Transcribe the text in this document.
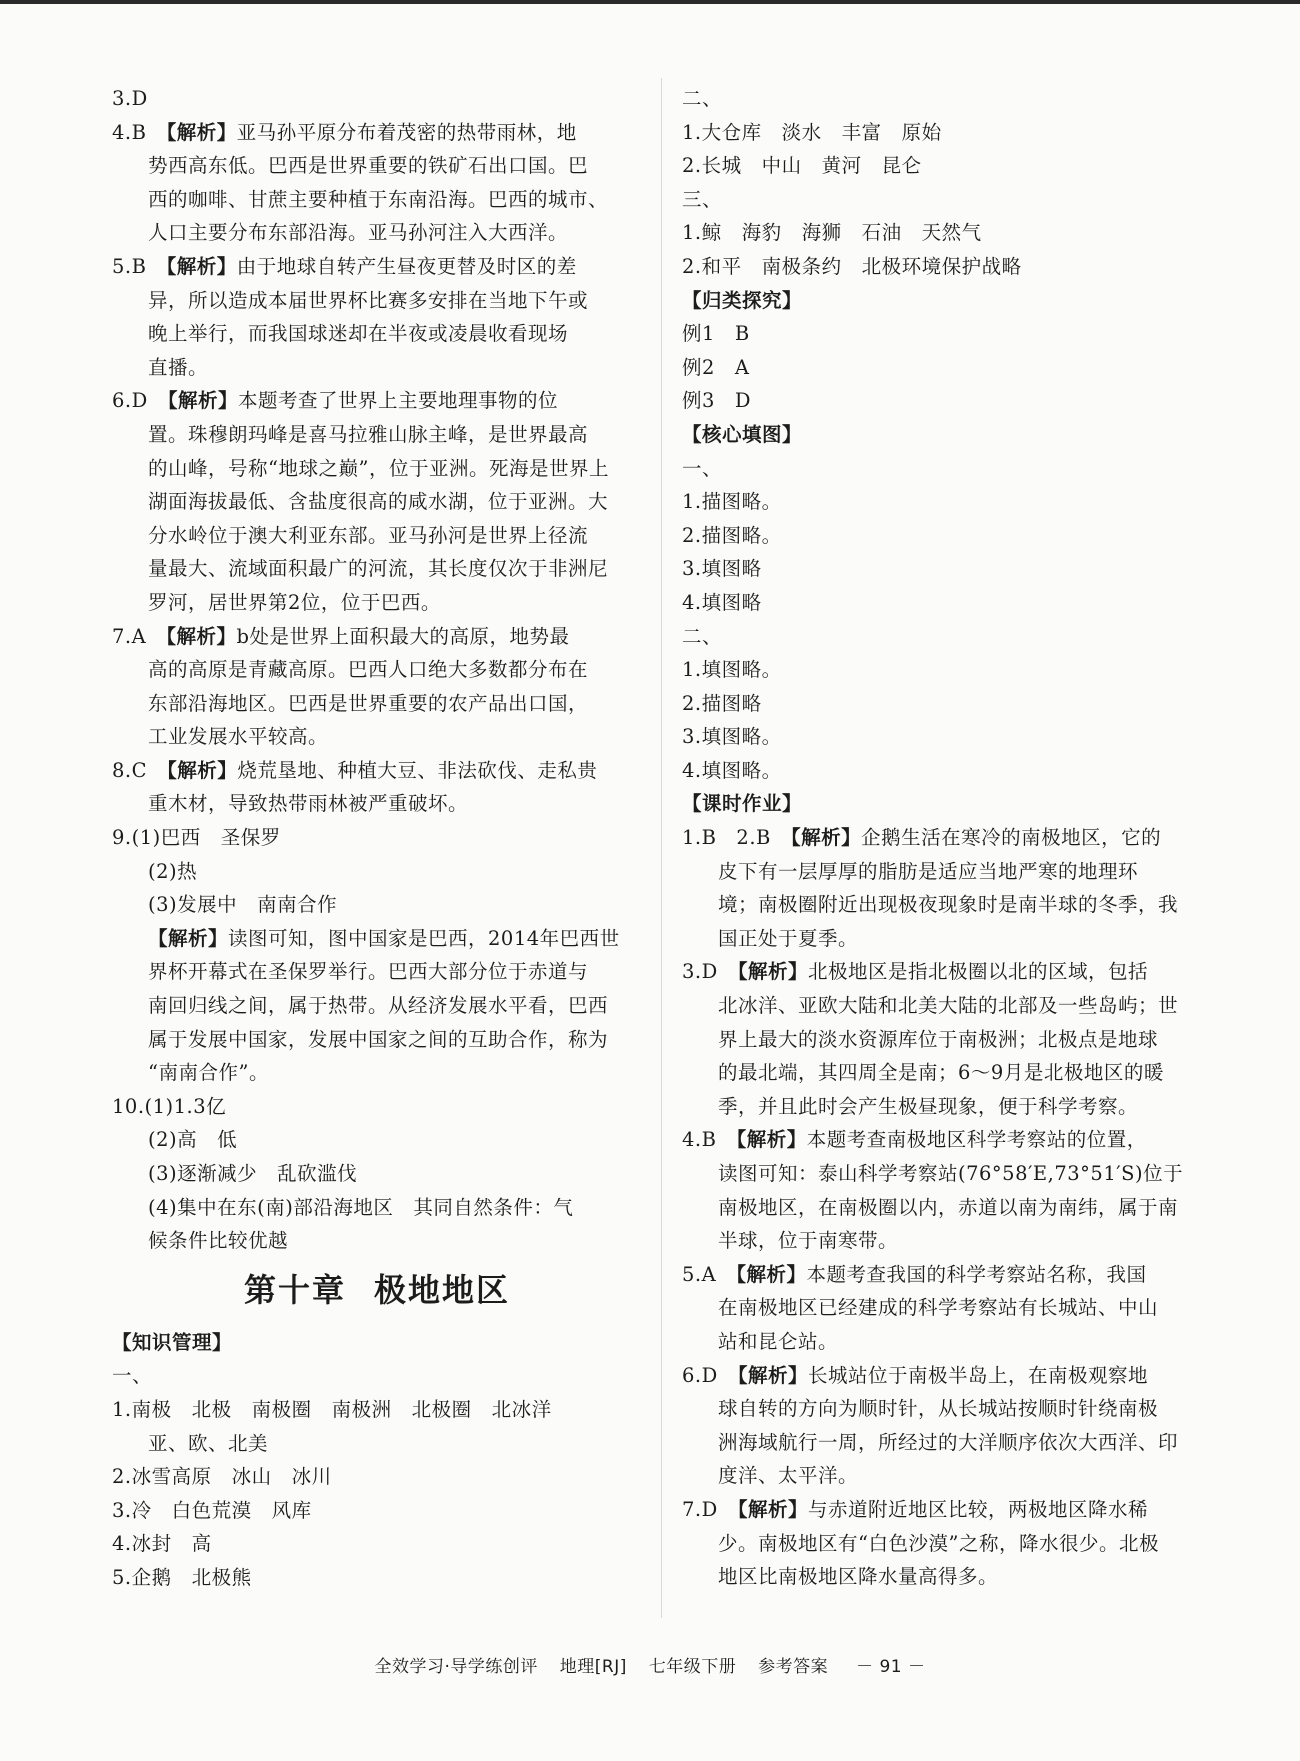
3.D
4.B　 【解析】亚马孙平原分布着茂密的热带雨林，地
势西高东低。巴西是世界重要的铁矿石出口国。巴
西的咖啡、甘蔗主要种植于东南沿海。巴西的城市、
人口主要分布东部沿海。亚马孙河注入大西洋。
5.B　 【解析】由于地球自转产生昼夜更替及时区的差
异，所以造成本届世界杯比赛多安排在当地下午或
晚上举行，而我国球迷却在半夜或凌晨收看现场
直播。
6.D　 【解析】本题考查了世界上主要地理事物的位
置。珠穆朗玛峰是喜马拉雅山脉主峰，是世界最高
的山峰，号称“地球之巅”，位于亚洲。死海是世界上
湖面海拔最低、含盐度很高的咸水湖，位于亚洲。大
分水岭位于澳大利亚东部。亚马孙河是世界上径流
量最大、流域面积最广的河流，其长度仅次于非洲尼
罗河，居世界第2位，位于巴西。
7.A　 【解析】b处是世界上面积最大的高原，地势最
高的高原是青藏高原。巴西人口绝大多数都分布在
东部沿海地区。巴西是世界重要的农产品出口国，
工业发展水平较高。
8.C　 【解析】烧荒垦地、种植大豆、非法砍伐、走私贵
重木材，导致热带雨林被严重破坏。
9.(1)巴西　圣保罗
(2)热
(3)发展中　南南合作
【解析】读图可知，图中国家是巴西，2014年巴西世
界杯开幕式在圣保罗举行。巴西大部分位于赤道与
南回归线之间，属于热带。从经济发展水平看，巴西
属于发展中国家，发展中国家之间的互助合作，称为
“南南合作”。
10.(1)1.3亿
(2)高　低
(3)逐渐减少　乱砍滥伐
(4)集中在东(南)部沿海地区　其同自然条件：气
候条件比较优越
第十章 极地地区
【知识管理】
一、
1.南极　北极　南极圈　南极洲　北极圈　北冰洋
亚、欧、北美
2.冰雪高原　冰山　冰川
3.冷　白色荒漠　风库
4.冰封　高
5.企鹅　北极熊
二、
1.大仓库　淡水　丰富　原始
2.长城　中山　黄河　昆仑
三、
1.鲸　海豹　海狮　石油　天然气
2.和平　南极条约　北极环境保护战略
【归类探究】
例1　B
例2　A
例3　D
【核心填图】
一、
1.描图略。
2.描图略。
3.填图略
4.填图略
二、
1.填图略。
2.描图略
3.填图略。
4.填图略。
【课时作业】
1.B　2.B　 【解析】企鹅生活在寒冷的南极地区，它的
皮下有一层厚厚的脂肪是适应当地严寒的地理环
境；南极圈附近出现极夜现象时是南半球的冬季，我
国正处于夏季。
3.D　 【解析】北极地区是指北极圈以北的区域，包括
北冰洋、亚欧大陆和北美大陆的北部及一些岛屿；世
界上最大的淡水资源库位于南极洲；北极点是地球
的最北端，其四周全是南；6～9月是北极地区的暖
季，并且此时会产生极昼现象，便于科学考察。
4.B　 【解析】本题考查南极地区科学考察站的位置，
读图可知：泰山科学考察站(76°58′E,73°51′S)位于
南极地区，在南极圈以内，赤道以南为南纬，属于南
半球，位于南寒带。
5.A　 【解析】本题考查我国的科学考察站名称，我国
在南极地区已经建成的科学考察站有长城站、中山
站和昆仑站。
6.D　 【解析】长城站位于南极半岛上，在南极观察地
球自转的方向为顺时针，从长城站按顺时针绕南极
洲海域航行一周，所经过的大洋顺序依次大西洋、印
度洋、太平洋。
7.D　 【解析】与赤道附近地区比较，两极地区降水稀
少。南极地区有“白色沙漠”之称，降水很少。北极
地区比南极地区降水量高得多。
全效学习·导学练创评 地理[RJ] 七年级下册 参考答案 － 91 －
